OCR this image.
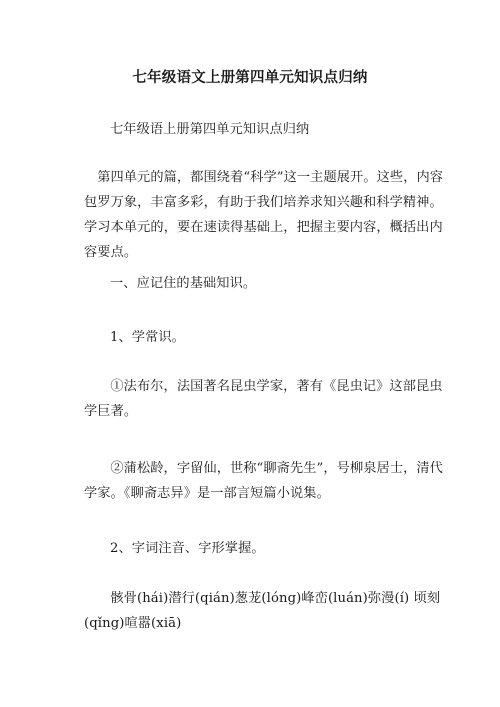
七年级语文上册第四单元知识点归纳

七年级语上册第四单元知识点归纳

第四单元的篇，都围绕着“科学”这一主题展开。这些，内容包罗万象，丰富多彩，有助于我们培养求知兴趣和科学精神。学习本单元的，要在速读得基础上，把握主要内容，概括出内容要点。

一、应记住的基础知识。

1、学常识。

①法布尔，法国著名昆虫学家，著有《昆虫记》这部昆虫学巨著。

②蒲松龄，字留仙，世称“聊斋先生”，号柳泉居士，清代学家。《聊斋志异》是一部言短篇小说集。

2、字词注音、字形掌握。

骸骨(hái)潜行(qián)葱茏(lóng)峰峦(luán)弥漫(í) 顷刻(qǐng)喧嚣(xiā)
